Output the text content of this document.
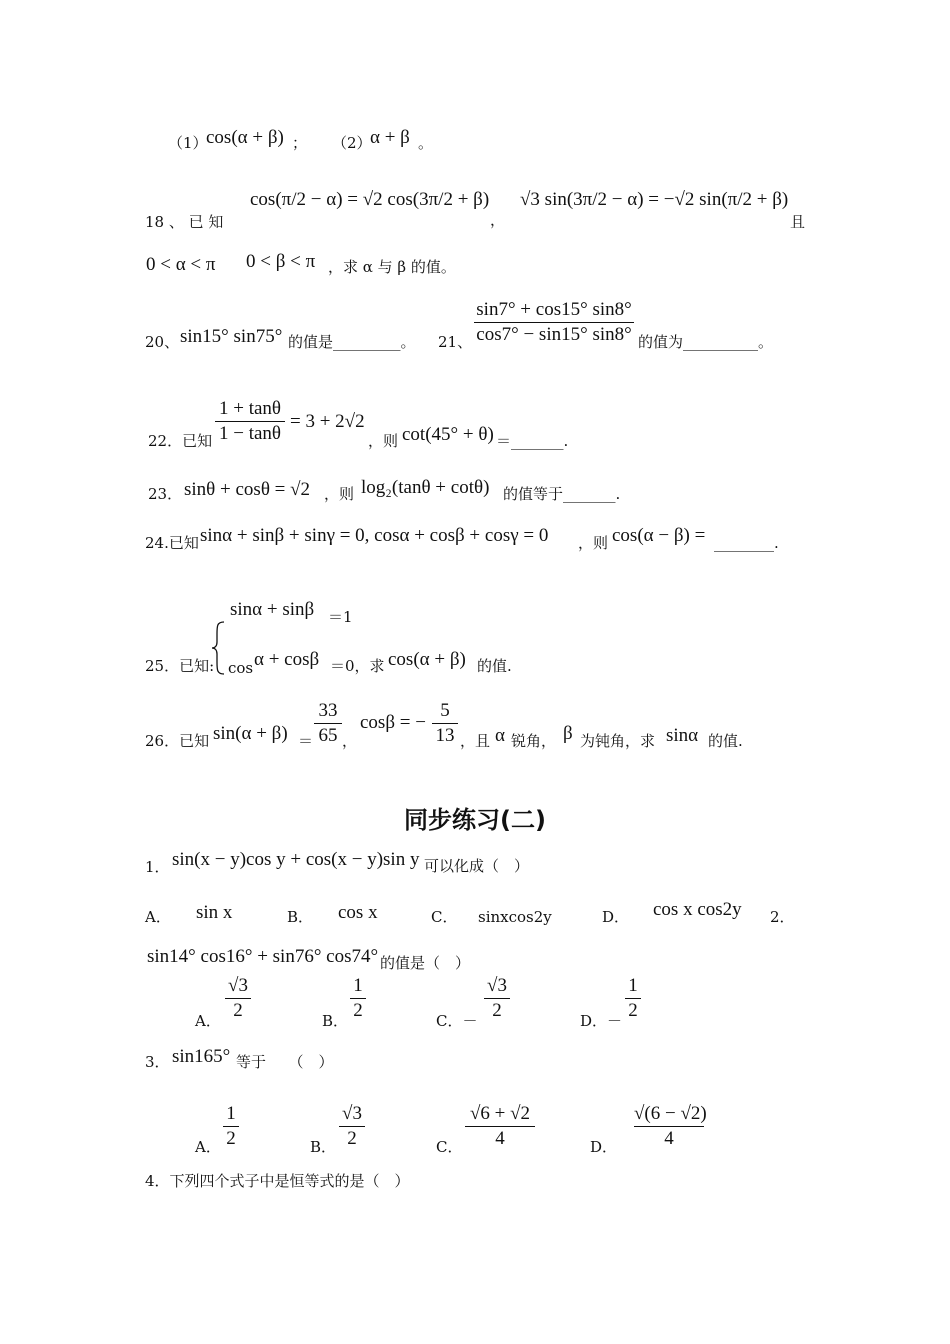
（1）
cos(α + β) ； （2）
α + β 。
18 、 已 知
cos(π/2 − α) = √2 cos(3π/2 + β)
，
√3 sin(3π/2 − α) = −√2 sin(π/2 + β)
且
0 < α < π 0 < β < π ，求 α 与 β 的值。
20、 sin15° sin75° 的值是_________。 21、
sin7° + cos15° sin8°
cos7° − sin15° sin8° 的值为__________。
22．已知
1 + tanθ
1 − tanθ
= 3 + 2√2
，则 cot(45° + θ) ＝_______.
23． sinθ + cosθ = √2 ，则 log₂(tanθ + cotθ) 的值等于_______.
24.已知 sinα + sinβ + sinγ = 0, cosα + cosβ + cosγ = 0 ，则 cos(α − β) = ________.
sinα + sinβ ＝1
25．已知: cos α + cosβ ＝0，求 cos(α + β) 的值.
26．已知 sin(α + β) ＝
33
65 ，
cosβ = −
5
13 ，且 α 锐角， β 为钝角，求 sinα 的值.
同步练习(二)
1． sin(x − y)cos y + cos(x − y)sin y 可以化成（　）
A． sin x	B． cos x	C． sinxcos2y	D． cos x cos2y 2．
sin14° cos16° + sin76° cos74° 的值是（　）
A．
√3
2	B．
1
2	C．－
√3
2	D．－
1
2
3． sin165° 等于　　（　）
A．
1
2	B．
√3
2	C．
√6 + √2
4	D．
√(6 − √2)
4
4．下列四个式子中是恒等式的是（　）
